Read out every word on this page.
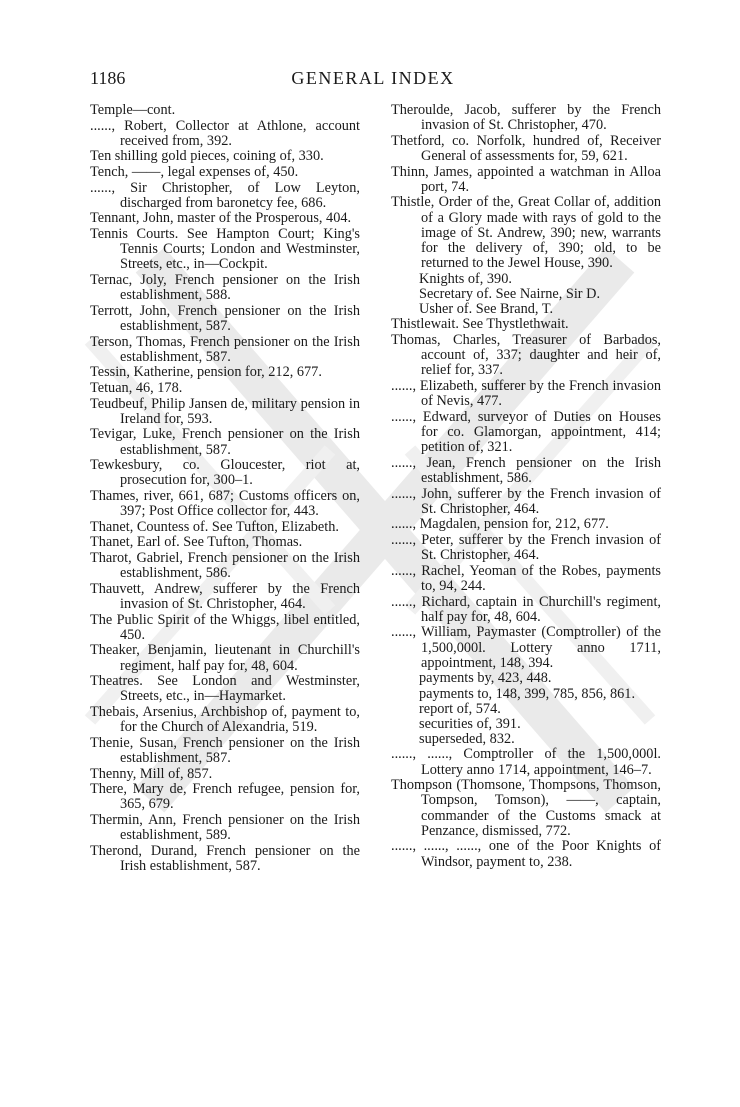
1186	GENERAL INDEX

Temple—cont.

......, Robert, Collector at Athlone, account received from, 392.

Ten shilling gold pieces, coining of, 330.

Tench, ——, legal expenses of, 450.

......, Sir Christopher, of Low Leyton, discharged from baronetcy fee, 686.

Tennant, John, master of the Prosperous, 404.

Tennis Courts. See Hampton Court; King's Tennis Courts; London and Westminster, Streets, etc., in—Cockpit.

Ternac, Joly, French pensioner on the Irish establishment, 588.

Terrott, John, French pensioner on the Irish establishment, 587.

Terson, Thomas, French pensioner on the Irish establishment, 587.

Tessin, Katherine, pension for, 212, 677.

Tetuan, 46, 178.

Teudbeuf, Philip Jansen de, military pension in Ireland for, 593.

Tevigar, Luke, French pensioner on the Irish establishment, 587.

Tewkesbury, co. Gloucester, riot at, prosecution for, 300–1.

Thames, river, 661, 687; Customs officers on, 397; Post Office collector for, 443.

Thanet, Countess of. See Tufton, Elizabeth.

Thanet, Earl of. See Tufton, Thomas.

Tharot, Gabriel, French pensioner on the Irish establishment, 586.

Thauvett, Andrew, sufferer by the French invasion of St. Christopher, 464.

The Public Spirit of the Whiggs, libel entitled, 450.

Theaker, Benjamin, lieutenant in Churchill's regiment, half pay for, 48, 604.

Theatres. See London and Westminster, Streets, etc., in—Haymarket.

Thebais, Arsenius, Archbishop of, payment to, for the Church of Alexandria, 519.

Thenie, Susan, French pensioner on the Irish establishment, 587.

Thenny, Mill of, 857.

There, Mary de, French refugee, pension for, 365, 679.

Thermin, Ann, French pensioner on the Irish establishment, 589.

Therond, Durand, French pensioner on the Irish establishment, 587.

Theroulde, Jacob, sufferer by the French invasion of St. Christopher, 470.

Thetford, co. Norfolk, hundred of, Receiver General of assessments for, 59, 621.

Thinn, James, appointed a watchman in Alloa port, 74.

Thistle, Order of the, Great Collar of, addition of a Glory made with rays of gold to the image of St. Andrew, 390; new, warrants for the delivery of, 390; old, to be returned to the Jewel House, 390.

Knights of, 390.

Secretary of. See Nairne, Sir D.

Usher of. See Brand, T.

Thistlewait. See Thystlethwait.

Thomas, Charles, Treasurer of Barbados, account of, 337; daughter and heir of, relief for, 337.

......, Elizabeth, sufferer by the French invasion of Nevis, 477.

......, Edward, surveyor of Duties on Houses for co. Glamorgan, appointment, 414; petition of, 321.

......, Jean, French pensioner on the Irish establishment, 586.

......, John, sufferer by the French invasion of St. Christopher, 464.

......, Magdalen, pension for, 212, 677.

......, Peter, sufferer by the French invasion of St. Christopher, 464.

......, Rachel, Yeoman of the Robes, payments to, 94, 244.

......, Richard, captain in Churchill's regiment, half pay for, 48, 604.

......, William, Paymaster (Comptroller) of the 1,500,000l. Lottery anno 1711, appointment, 148, 394.

payments by, 423, 448.

payments to, 148, 399, 785, 856, 861.

report of, 574.

securities of, 391.

superseded, 832.

......, ......, Comptroller of the 1,500,000l. Lottery anno 1714, appointment, 146–7.

Thompson (Thomsone, Thompsons, Thomson, Tompson, Tomson), ——, captain, commander of the Customs smack at Penzance, dismissed, 772.

......, ......, ......, one of the Poor Knights of Windsor, payment to, 238.
